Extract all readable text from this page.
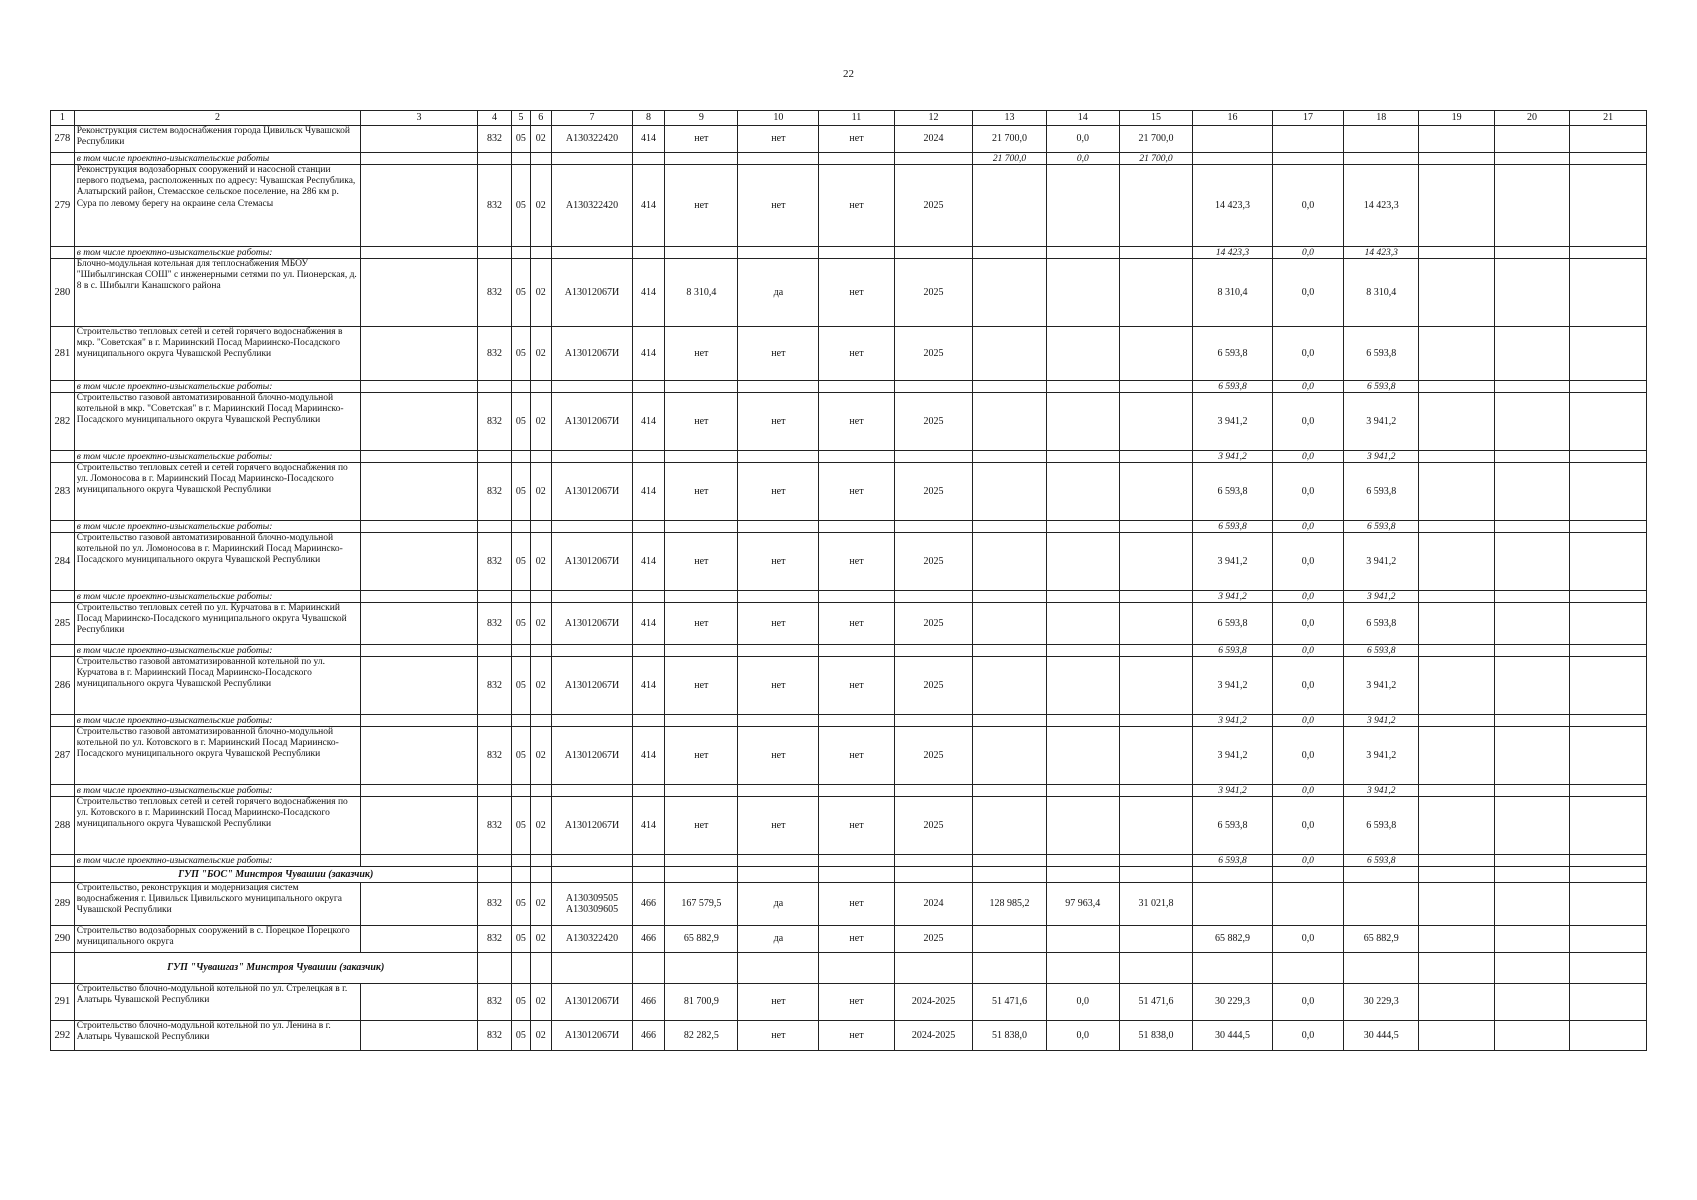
22
1	2	3	4	5	6	7	8	9	10	11	12	13	14	15	16	17	18	19	20	21
278	Реконструкция систем водоснабжения города Цивильск Чувашской Республики		832	05	02	А130322420	414	нет	нет	нет	2024	21 700,0	0,0	21 700,0						
	в том числе проектно-изыскательские работы											21 700,0	0,0	21 700,0						
279	Реконструкция водозаборных сооружений и насосной станции первого подъема, расположенных по адресу: Чувашская Республика, Алатырский район, Стемасское сельское поселение, на 286 км р. Сура по левому берегу на окраине села Стемасы		832	05	02	А130322420	414	нет	нет	нет	2025				14 423,3	0,0	14 423,3			
	в том числе проектно-изыскательские работы:														14 423,3	0,0	14 423,3			
280	Блочно-модульная котельная для теплоснабжения МБОУ "Шибылгинская СОШ" с инженерными сетями по ул. Пионерская, д. 8 в с. Шибылги Канашского района		832	05	02	А13012067И	414	8 310,4	да	нет	2025				8 310,4	0,0	8 310,4			
281	Строительство тепловых сетей и сетей горячего водоснабжения в мкр. "Советская" в г. Мариинский Посад Мариинско-Посадского муниципального округа Чувашской Республики		832	05	02	А13012067И	414	нет	нет	нет	2025				6 593,8	0,0	6 593,8			
	в том числе проектно-изыскательские работы:														6 593,8	0,0	6 593,8			
282	Строительство газовой автоматизированной блочно-модульной котельной в мкр. "Советская" в г. Мариинский Посад Мариинско-Посадского муниципального округа Чувашской Республики		832	05	02	А13012067И	414	нет	нет	нет	2025				3 941,2	0,0	3 941,2			
	в том числе проектно-изыскательские работы:														3 941,2	0,0	3 941,2			
283	Строительство тепловых сетей и сетей горячего водоснабжения по ул. Ломоносова в г. Мариинский Посад Мариинско-Посадского муниципального округа Чувашской Республики		832	05	02	А13012067И	414	нет	нет	нет	2025				6 593,8	0,0	6 593,8			
	в том числе проектно-изыскательские работы:														6 593,8	0,0	6 593,8			
284	Строительство газовой автоматизированной блочно-модульной котельной по ул. Ломоносова в г. Мариинский Посад Мариинско-Посадского муниципального округа Чувашской Республики		832	05	02	А13012067И	414	нет	нет	нет	2025				3 941,2	0,0	3 941,2			
	в том числе проектно-изыскательские работы:														3 941,2	0,0	3 941,2			
285	Строительство тепловых сетей по ул. Курчатова в г. Мариинский Посад Мариинско-Посадского муниципального округа Чувашской Республики		832	05	02	А13012067И	414	нет	нет	нет	2025				6 593,8	0,0	6 593,8			
	в том числе проектно-изыскательские работы:														6 593,8	0,0	6 593,8			
286	Строительство газовой автоматизированной котельной по ул. Курчатова в г. Мариинский Посад Мариинско-Посадского муниципального округа Чувашской Республики		832	05	02	А13012067И	414	нет	нет	нет	2025				3 941,2	0,0	3 941,2			
	в том числе проектно-изыскательские работы:														3 941,2	0,0	3 941,2			
287	Строительство газовой автоматизированной блочно-модульной котельной по ул. Котовского в г. Мариинский Посад Мариинско-Посадского муниципального округа Чувашской Республики		832	05	02	А13012067И	414	нет	нет	нет	2025				3 941,2	0,0	3 941,2			
	в том числе проектно-изыскательские работы:														3 941,2	0,0	3 941,2			
288	Строительство тепловых сетей и сетей горячего водоснабжения по ул. Котовского в г. Мариинский Посад Мариинско-Посадского муниципального округа Чувашской Республики		832	05	02	А13012067И	414	нет	нет	нет	2025				6 593,8	0,0	6 593,8			
	в том числе проектно-изыскательские работы:														6 593,8	0,0	6 593,8			
	ГУП "БОС" Минстроя Чувашии (заказчик)																			
289	Строительство, реконструкция и модернизация систем водоснабжения г. Цивильск Цивильского муниципального округа Чувашской Республики		832	05	02	А130309505 А130309605	466	167 579,5	да	нет	2024	128 985,2	97 963,4	31 021,8						
290	Строительство водозаборных сооружений в с. Порецкое Порецкого муниципального округа		832	05	02	А130322420	466	65 882,9	да	нет	2025				65 882,9	0,0	65 882,9			
	ГУП "Чувашгаз" Минстроя Чувашии (заказчик)																			
291	Строительство блочно-модульной котельной по ул. Стрелецкая в г. Алатырь Чувашской Республики		832	05	02	А13012067И	466	81 700,9	нет	нет	2024-2025	51 471,6	0,0	51 471,6	30 229,3	0,0	30 229,3			
292	Строительство блочно-модульной котельной по ул. Ленина в г. Алатырь Чувашской Республики		832	05	02	А13012067И	466	82 282,5	нет	нет	2024-2025	51 838,0	0,0	51 838,0	30 444,5	0,0	30 444,5			
